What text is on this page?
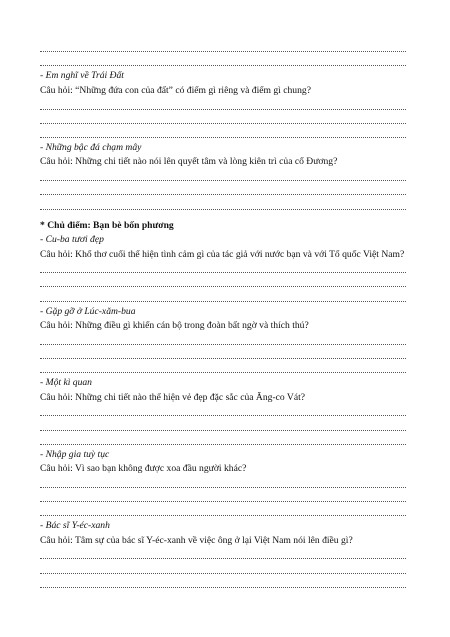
- Em nghĩ về Trái Đất
Câu hỏi: “Những đứa con của đất” có điểm gì riêng và điểm gì chung?
- Những bậc đá chạm mây
Câu hỏi: Những chi tiết nào nói lên quyết tâm và lòng kiên trì của cố Đương?
* Chủ điểm: Bạn bè bốn phương
- Cu-ba tươi đẹp
Câu hỏi: Khổ thơ cuối thể hiện tình cảm gì của tác giả với nước bạn và với Tổ quốc Việt Nam?
- Gặp gỡ ở Lúc-xăm-bua
Câu hỏi: Những điều gì khiến cán bộ trong đoàn bất ngờ và thích thú?
- Một kì quan
Câu hỏi: Những chi tiết nào thể hiện vẻ đẹp đặc sắc của Ăng-co Vát?
- Nhập gia tuỳ tục
Câu hỏi: Vì sao bạn không được xoa đầu người khác?
- Bác sĩ Y-éc-xanh
Câu hỏi: Tâm sự của bác sĩ Y-éc-xanh về việc ông ở lại Việt Nam nói lên điều gì?
